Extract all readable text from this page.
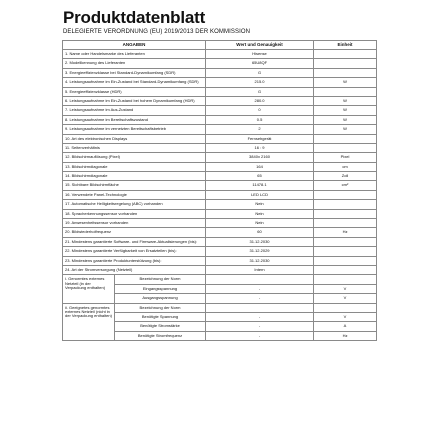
Produktdatenblatt
DELEGIERTE VERORDNUNG (EU) 2019/2013 DER KOMMISSION
ANGABEN		Wert und Genauigkeit	Einheit
1. Name oder Handelsmarke des Lieferanten		Hisense	
2. Modellkennung des Lieferanten		65U8QF	
3. Energieeffizienzklasse bei Standard-Dynamikumfang (SDR)		G	
4. Leistungsaufnahme im Ein-Zustand bei Standard-Dynamikumfang (SDR)		215.0	W
5. Energieeffizienzklasse (HDR)		G	
6. Leistungsaufnahme im Ein-Zustand bei hohem Dynamikumfang (HDR)		280.0	W
7. Leistungsaufnahme im Aus-Zustand		0	W
8. Leistungsaufnahme im Bereitschaftszustand		0.5	W
9. Leistungsaufnahme im vernetzten Bereitschaftsbetrieb		2	W
10. Art des elektronischen Displays		Fernsehgerät	
11. Seitenverhältnis		16 : 9	
12. Bildschirmauflösung (Pixel)		3840x 2160	Pixel
13. Bildschirmdiagonale		164	cm
14. Bildschirmdiagonale		65	Zoll
15. Sichtbare Bildschirmfläche		11478.1	cm²
16. Verwendete Panel-Technologie		LED LCD	
17. Automatische Helligkeitsregelung (ABC) vorhanden		Nein	
18. Spracherkennungssensor vorhanden		Nein	
19. Anwesenheitssensor vorhanden		Nein	
20. Bildwiederholfrequenz		60	Hz
21. Mindestens garantierte Software- und Firmware-Aktualisierungen (bis):		31.12.2030	
22. Mindestens garantierte Verfügbarkeit von Ersatzteilen (bis):		31.12.2029	
23. Mindestens garantierte Produktunterstützung (bis):		31.12.2030	
24. Art der Stromversorgung (Netzteil)		Intern	
i. Genormtes externes Netzteil (in der Verpackung enthalten)	Bezeichnung der Norm		
	Eingangsspannung	-	V
	Ausgangsspannung	-	V
ii. Geeignetes genormtes externes Netzteil (nicht in der Verpackung enthalten)	Bezeichnung der Norm		
	Benötigte Spannung	-	V
	Benötigte Stromstärke	-	A
	Benötigte Stromfrequenz	-	Hz
